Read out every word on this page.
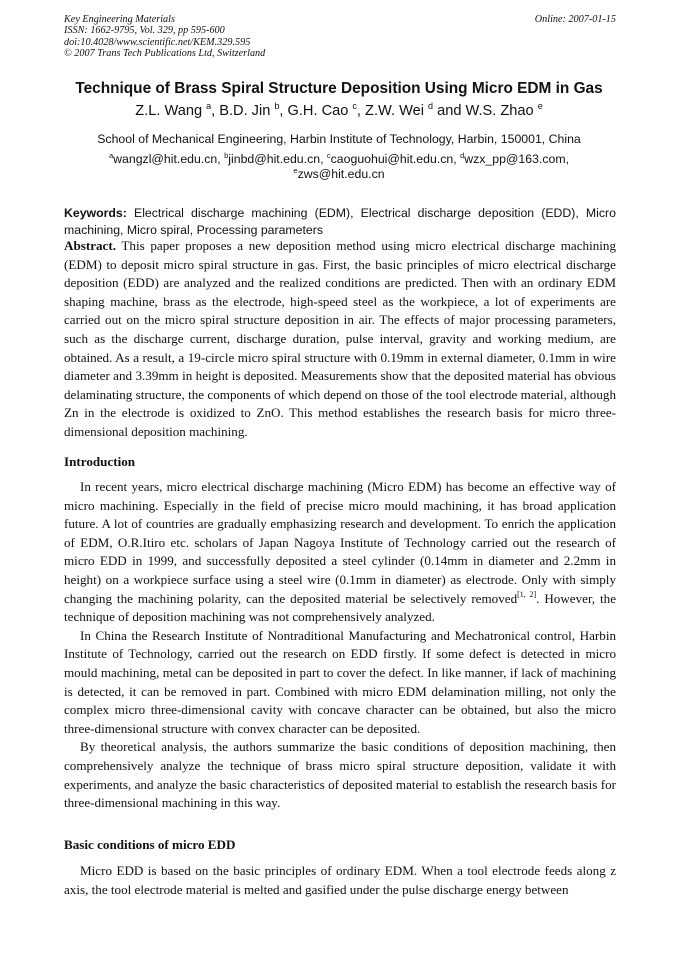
Key Engineering Materials
ISSN: 1662-9795, Vol. 329, pp 595-600
doi:10.4028/www.scientific.net/KEM.329.595
© 2007 Trans Tech Publications Ltd, Switzerland
Online: 2007-01-15
Technique of Brass Spiral Structure Deposition Using Micro EDM in Gas
Z.L. Wang $^a$, B.D. Jin $^b$, G.H. Cao $^c$, Z.W. Wei $^d$ and W.S. Zhao $^e$
School of Mechanical Engineering, Harbin Institute of Technology, Harbin, 150001, China
$^a$wangzl@hit.edu.cn, $^b$jinbd@hit.edu.cn, $^c$caoguohui@hit.edu.cn, $^d$wzx_pp@163.com,
$^e$zws@hit.edu.cn
Keywords: Electrical discharge machining (EDM), Electrical discharge deposition (EDD), Micro machining, Micro spiral, Processing parameters

Abstract. This paper proposes a new deposition method using micro electrical discharge machining (EDM) to deposit micro spiral structure in gas. First, the basic principles of micro electrical discharge deposition (EDD) are analyzed and the realized conditions are predicted. Then with an ordinary EDM shaping machine, brass as the electrode, high-speed steel as the workpiece, a lot of experiments are carried out on the micro spiral structure deposition in air. The effects of major processing parameters, such as the discharge current, discharge duration, pulse interval, gravity and working medium, are obtained. As a result, a 19-circle micro spiral structure with 0.19mm in external diameter, 0.1mm in wire diameter and 3.39mm in height is deposited. Measurements show that the deposited material has obvious delaminating structure, the components of which depend on those of the tool electrode material, although Zn in the electrode is oxidized to ZnO. This method establishes the research basis for micro three-dimensional deposition machining.

Introduction

In recent years, micro electrical discharge machining (Micro EDM) has become an effective way of micro machining. Especially in the field of precise micro mould machining, it has broad application future. A lot of countries are gradually emphasizing research and development. To enrich the application of EDM, O.R.Itiro etc. scholars of Japan Nagoya Institute of Technology carried out the research of micro EDD in 1999, and successfully deposited a steel cylinder (0.14mm in diameter and 2.2mm in height) on a workpiece surface using a steel wire (0.1mm in diameter) as electrode. Only with simply changing the machining polarity, can the deposited material be selectively removed[1, 2]. However, the technique of deposition machining was not comprehensively analyzed.

In China the Research Institute of Nontraditional Manufacturing and Mechatronical control, Harbin Institute of Technology, carried out the research on EDD firstly. If some defect is detected in micro mould machining, metal can be deposited in part to cover the defect. In like manner, if lack of machining is detected, it can be removed in part. Combined with micro EDM delamination milling, not only the complex micro three-dimensional cavity with concave character can be obtained, but also the micro three-dimensional structure with convex character can be deposited.

By theoretical analysis, the authors summarize the basic conditions of deposition machining, then comprehensively analyze the technique of brass micro spiral structure deposition, validate it with experiments, and analyze the basic characteristics of deposited material to establish the research basis for three-dimensional machining in this way.

Basic conditions of micro EDD

Micro EDD is based on the basic principles of ordinary EDM. When a tool electrode feeds along z axis, the tool electrode material is melted and gasified under the pulse discharge energy between
